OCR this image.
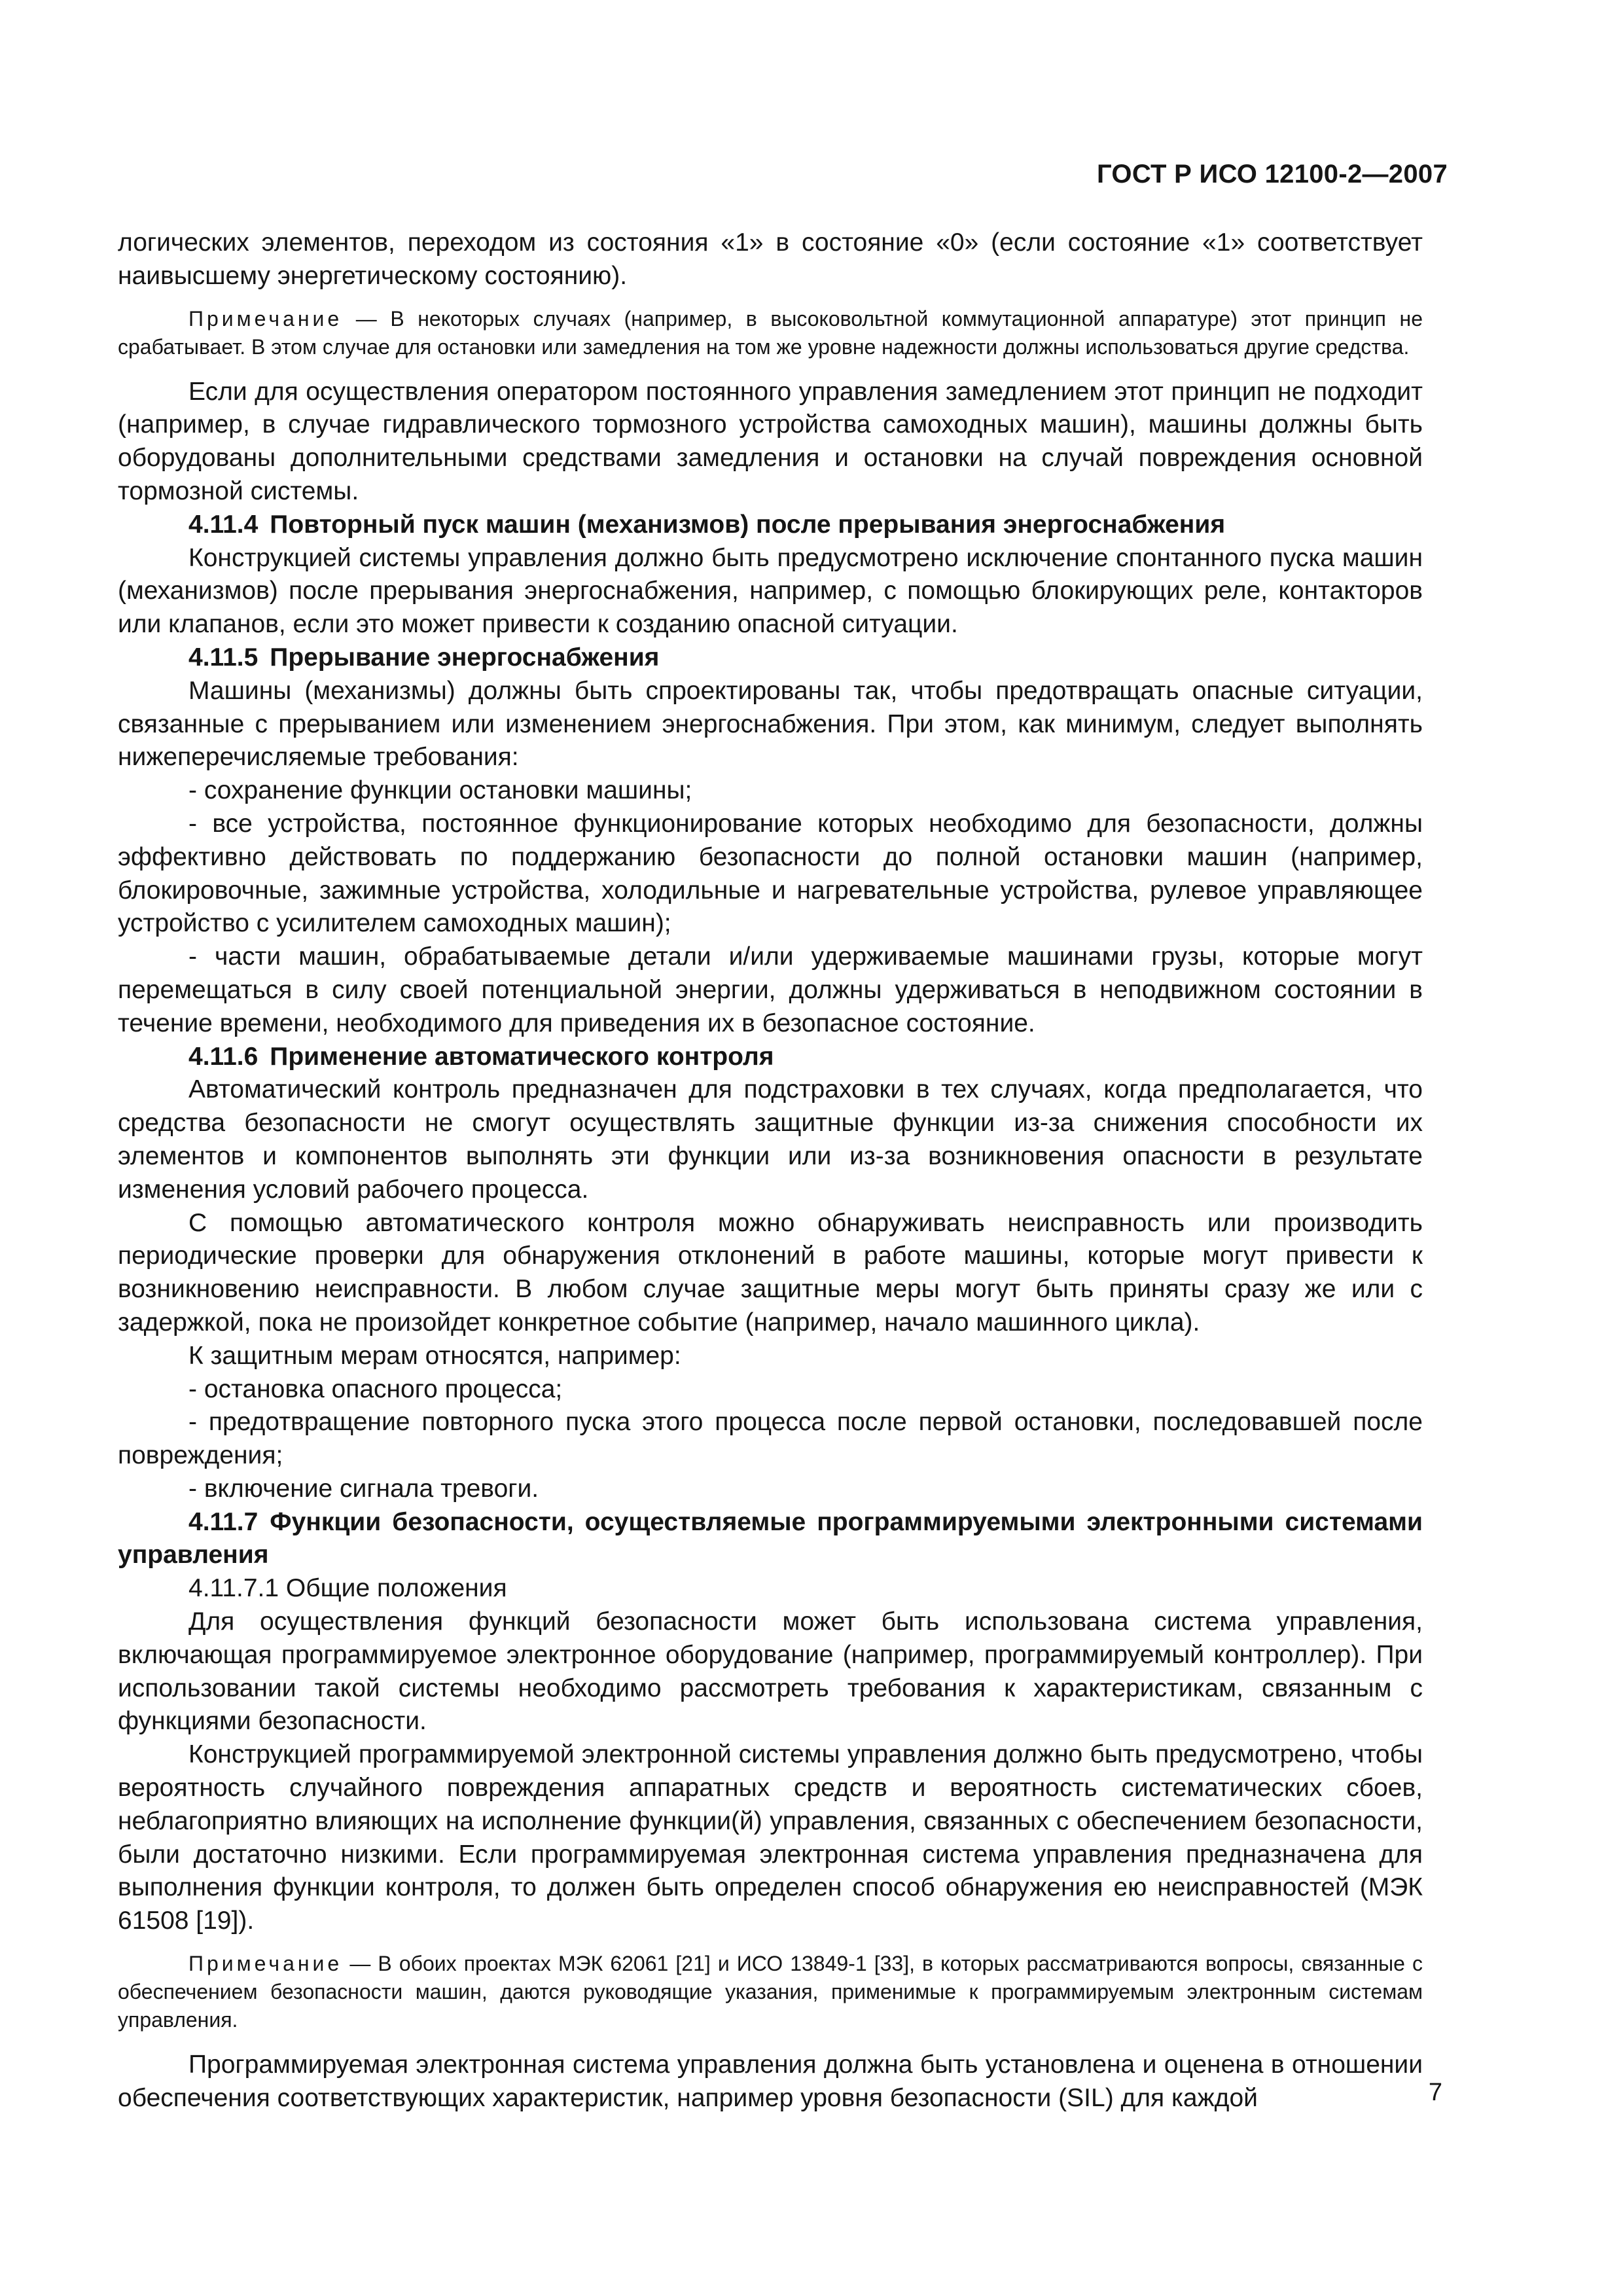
ГОСТ Р ИСО 12100-2—2007

логических элементов, переходом из состояния «1» в состояние «0» (если состояние «1» соответствует наивысшему энергетическому состоянию).

Примечание — В некоторых случаях (например, в высоковольтной коммутационной аппаратуре) этот принцип не срабатывает. В этом случае для остановки или замедления на том же уровне надежности должны использоваться другие средства.

Если для осуществления оператором постоянного управления замедлением этот принцип не подходит (например, в случае гидравлического тормозного устройства самоходных машин), машины должны быть оборудованы дополнительными средствами замедления и остановки на случай повреждения основной тормозной системы.

4.11.4 Повторный пуск машин (механизмов) после прерывания энергоснабжения

Конструкцией системы управления должно быть предусмотрено исключение спонтанного пуска машин (механизмов) после прерывания энергоснабжения, например, с помощью блокирующих реле, контакторов или клапанов, если это может привести к созданию опасной ситуации.

4.11.5 Прерывание энергоснабжения

Машины (механизмы) должны быть спроектированы так, чтобы предотвращать опасные ситуации, связанные с прерыванием или изменением энергоснабжения. При этом, как минимум, следует выполнять нижеперечисляемые требования:

- сохранение функции остановки машины;

- все устройства, постоянное функционирование которых необходимо для безопасности, должны эффективно действовать по поддержанию безопасности до полной остановки машин (например, блокировочные, зажимные устройства, холодильные и нагревательные устройства, рулевое управляющее устройство с усилителем самоходных машин);

- части машин, обрабатываемые детали и/или удерживаемые машинами грузы, которые могут перемещаться в силу своей потенциальной энергии, должны удерживаться в неподвижном состоянии в течение времени, необходимого для приведения их в безопасное состояние.

4.11.6 Применение автоматического контроля

Автоматический контроль предназначен для подстраховки в тех случаях, когда предполагается, что средства безопасности не смогут осуществлять защитные функции из-за снижения способности их элементов и компонентов выполнять эти функции или из-за возникновения опасности в результате изменения условий рабочего процесса.

С помощью автоматического контроля можно обнаруживать неисправность или производить периодические проверки для обнаружения отклонений в работе машины, которые могут привести к возникновению неисправности. В любом случае защитные меры могут быть приняты сразу же или с задержкой, пока не произойдет конкретное событие (например, начало машинного цикла).

К защитным мерам относятся, например:

- остановка опасного процесса;

- предотвращение повторного пуска этого процесса после первой остановки, последовавшей после повреждения;

- включение сигнала тревоги.

4.11.7 Функции безопасности, осуществляемые программируемыми электронными системами управления

4.11.7.1 Общие положения

Для осуществления функций безопасности может быть использована система управления, включающая программируемое электронное оборудование (например, программируемый контроллер). При использовании такой системы необходимо рассмотреть требования к характеристикам, связанным с функциями безопасности.

Конструкцией программируемой электронной системы управления должно быть предусмотрено, чтобы вероятность случайного повреждения аппаратных средств и вероятность систематических сбоев, неблагоприятно влияющих на исполнение функции(й) управления, связанных с обеспечением безопасности, были достаточно низкими. Если программируемая электронная система управления предназначена для выполнения функции контроля, то должен быть определен способ обнаружения ею неисправностей (МЭК 61508 [19]).

Примечание — В обоих проектах МЭК 62061 [21] и ИСО 13849-1 [33], в которых рассматриваются вопросы, связанные с обеспечением безопасности машин, даются руководящие указания, применимые к программируемым электронным системам управления.

Программируемая электронная система управления должна быть установлена и оценена в отношении обеспечения соответствующих характеристик, например уровня безопасности (SIL) для каждой	7
